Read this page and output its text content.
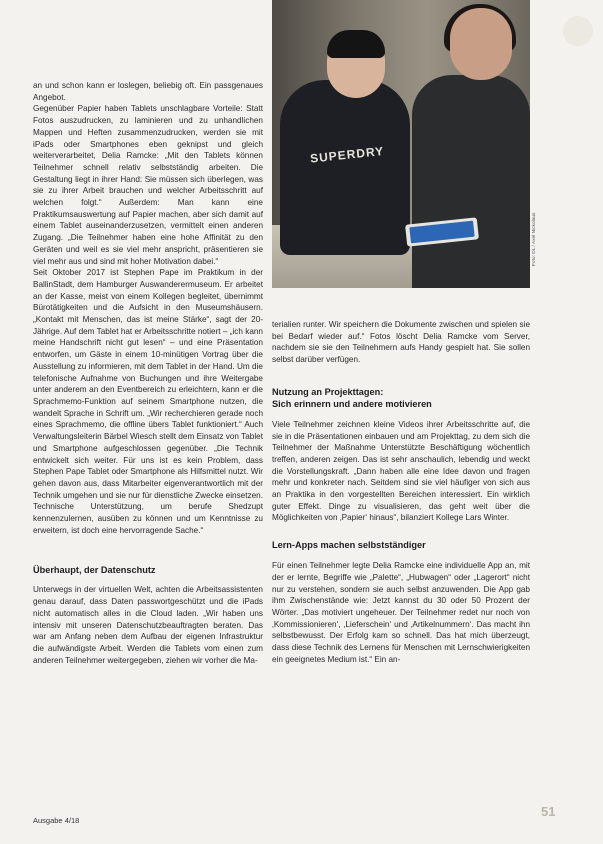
SUPERDRY
Foto: DL / Axel Nickolaus

an und schon kann er loslegen, beliebig oft. Ein passgenaues Angebot.

Gegenüber Papier haben Tablets unschlagbare Vorteile: Statt Fotos auszudrucken, zu laminieren und zu unhandlichen Mappen und Heften zusammenzudrucken, werden sie mit iPads oder Smartphones eben geknipst und gleich weiterverarbeitet, Delia Ramcke: „Mit den Tablets können Teilnehmer schnell relativ selbstständig arbeiten. Die Gestaltung liegt in ihrer Hand: Sie müssen sich überlegen, was sie zu ihrer Arbeit brauchen und welcher Arbeitsschritt auf welchen folgt.“ Außerdem: Man kann eine Praktikumsauswertung auf Papier machen, aber sich damit auf einem Tablet auseinanderzusetzen, vermittelt einen anderen Zugang. „Die Teilnehmer haben eine hohe Affinität zu den Geräten und weil es sie viel mehr anspricht, präsentieren sie viel mehr aus und sind mit hoher Motivation dabei.“

Seit Oktober 2017 ist Stephen Pape im Praktikum in der BallinStadt, dem Hamburger Auswanderermuseum. Er arbeitet an der Kasse, meist von einem Kollegen begleitet, übernimmt Bürotätigkeiten und die Aufsicht in den Museumshäusern. „Kontakt mit Menschen, das ist meine Stärke“, sagt der 20-Jährige. Auf dem Tablet hat er Arbeitsschritte notiert – „ich kann meine Handschrift nicht gut lesen“ – und eine Präsentation entworfen, um Gäste in einem 10-minütigen Vortrag über die Ausstellung zu informieren, mit dem Tablet in der Hand. Um die telefonische Aufnahme von Buchungen und ihre Weitergabe unter anderem an den Eventbereich zu erleichtern, kann er die Sprachmemo-Funktion auf seinem Smartphone nutzen, die wandelt Sprache in Schrift um. „Wir recherchieren gerade noch eines Sprachmemo, die offline übers Tablet funktioniert.“ Auch Verwaltungsleiterin Bärbel Wiesch stellt dem Einsatz von Tablet und Smartphone aufgeschlossen gegenüber. „Die Technik entwickelt sich weiter. Für uns ist es kein Problem, dass Stephen Pape Tablet oder Smartphone als Hilfsmittel nutzt. Wir gehen davon aus, dass Mitarbeiter eigenverantwortlich mit der Technik umgehen und sie nur für dienstliche Zwecke einsetzen. Technische Unterstützung, um berufe Shedzupt kennenzulernen, ausüben zu können und um Kenntnisse zu erweitern, ist doch eine hervorragende Sache.“

Überhaupt, der Datenschutz

Unterwegs in der virtuellen Welt, achten die Arbeitsassistenten genau darauf, dass Daten passwortgeschützt und die iPads nicht automatisch alles in die Cloud laden. „Wir haben uns intensiv mit unseren Datenschutzbeauftragten beraten. Das war am Anfang neben dem Aufbau der eigenen Infrastruktur die aufwändigste Arbeit. Werden die Tablets vom einen zum anderen Teilnehmer weitergegeben, ziehen wir vorher die Ma-

terialien runter. Wir speichern die Dokumente zwischen und spielen sie bei Bedarf wieder auf.“ Fotos löscht Delia Ramcke vom Server, nachdem sie sie den Teilnehmern aufs Handy gespielt hat. Sie sollen selbst darüber verfügen.

Nutzung an Projekttagen:
Sich erinnern und andere motivieren

Viele Teilnehmer zeichnen kleine Videos ihrer Arbeitsschritte auf, die sie in die Präsentationen einbauen und am Projekttag, zu dem sich die Teilnehmer der Maßnahme Unterstützte Beschäftigung wöchentlich treffen, anderen zeigen. Das ist sehr anschaulich, lebendig und weckt die Vorstellungskraft. „Dann haben alle eine Idee davon und fragen mehr und konkreter nach. Seitdem sind sie viel häufiger von sich aus an Praktika in den vorgestellten Bereichen interessiert. Ein wirklich guter Effekt. Dinge zu visualisieren, das geht weit über die Möglichkeiten von ‚Papier‘ hinaus“, bilanziert Kollege Lars Winter.

Lern-Apps machen selbstständiger

Für einen Teilnehmer legte Delia Ramcke eine individuelle App an, mit der er lernte, Begriffe wie „Palette“, „Hubwagen“ oder „Lagerort“ nicht nur zu verstehen, sondern sie auch selbst anzuwenden. Die App gab ihm Zwischenstände wie: Jetzt kannst du 30 oder 50 Prozent der Wörter. „Das motiviert ungeheuer. Der Teilnehmer redet nur noch von ‚Kommissionieren‘, ‚Lieferschein‘ und ‚Artikelnummern‘. Das macht ihn selbstbewusst. Der Erfolg kam so schnell. Das hat mich überzeugt, dass diese Technik des Lernens für Menschen mit Lernschwierigkeiten ein geeignetes Medium ist.“ Ein an-

Ausgabe 4/18
51
